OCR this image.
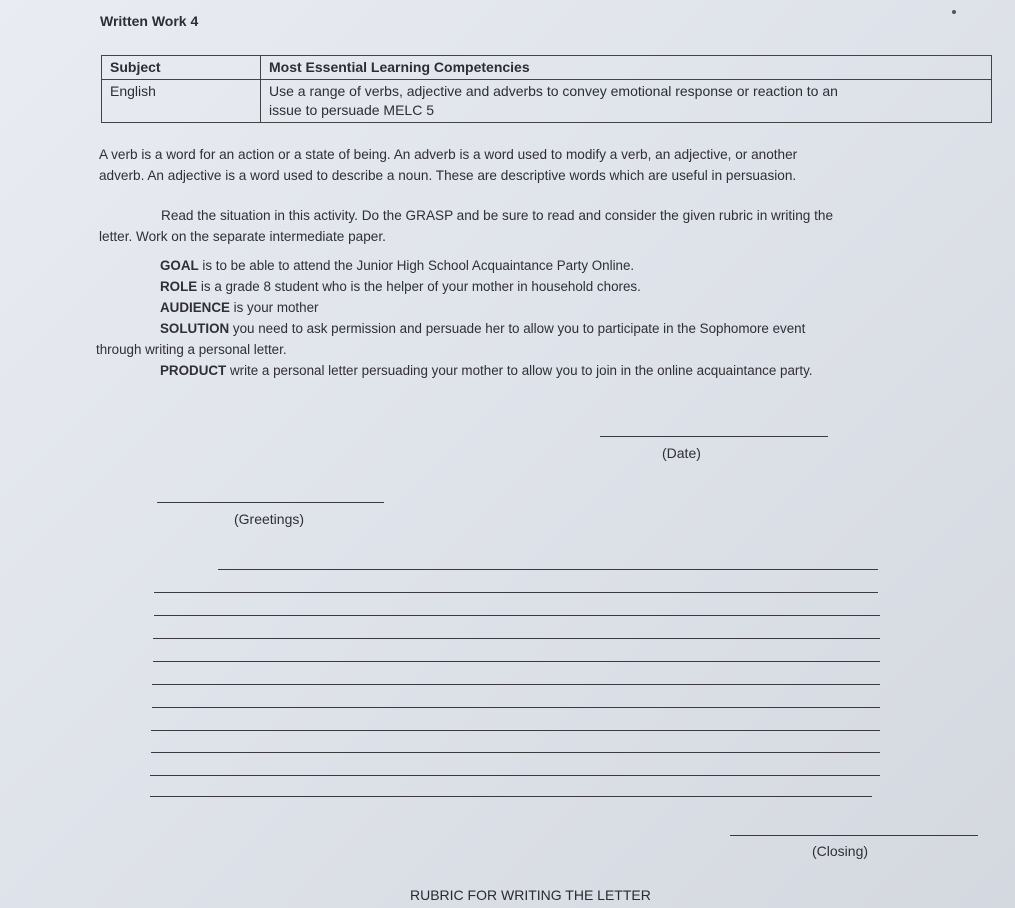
Written Work 4
Subject	Most Essential Learning Competencies
English	Use a range of verbs, adjective and adverbs to convey emotional response or reaction to an
issue to persuade MELC 5
A verb is a word for an action or a state of being. An adverb is a word used to modify a verb, an adjective, or another
adverb. An adjective is a word used to describe a noun. These are descriptive words which are useful in persuasion.
Read the situation in this activity. Do the GRASP and be sure to read and consider the given rubric in writing the
letter. Work on the separate intermediate paper.
GOAL is to be able to attend the Junior High School Acquaintance Party Online.
ROLE is a grade 8 student who is the helper of your mother in household chores.
AUDIENCE is your mother
SOLUTION you need to ask permission and persuade her to allow you to participate in the Sophomore event
through writing a personal letter.
PRODUCT write a personal letter persuading your mother to allow you to join in the online acquaintance party.
(Date)
(Greetings)
(Closing)
RUBRIC FOR WRITING THE LETTER
